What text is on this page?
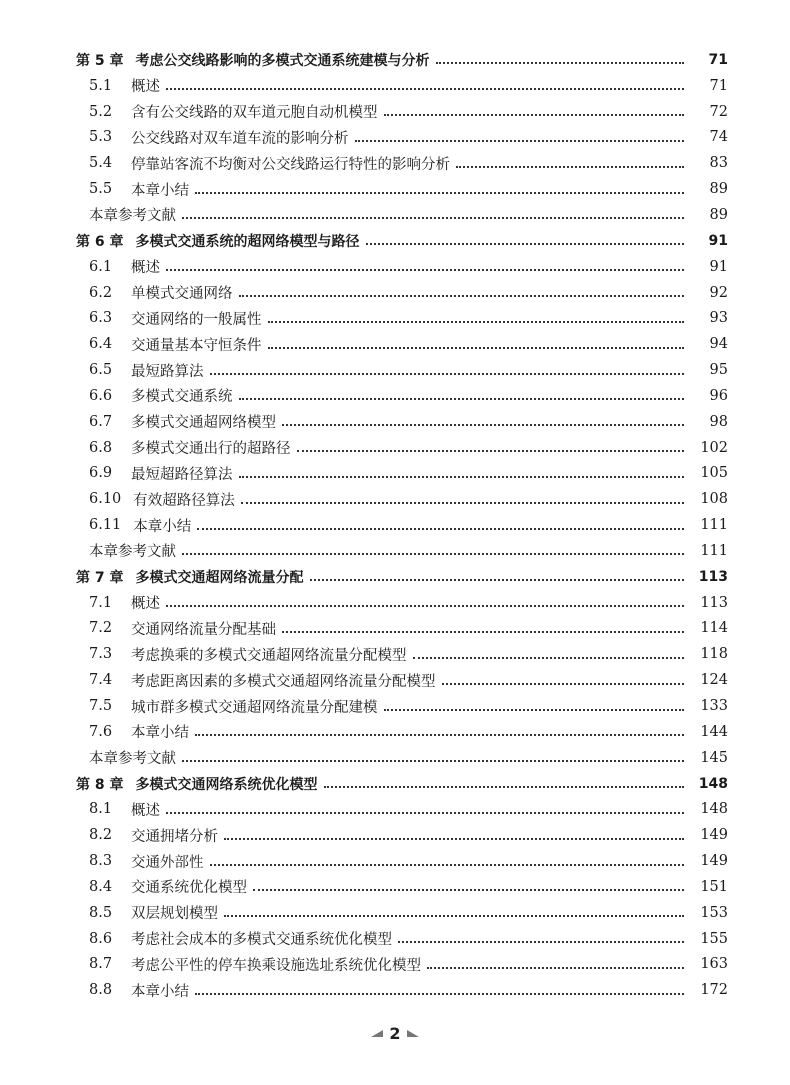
第 5 章 考虑公交线路影响的多模式交通系统建模与分析	71
5.1	概述	71
5.2	含有公交线路的双车道元胞自动机模型	72
5.3	公交线路对双车道车流的影响分析	74
5.4	停靠站客流不均衡对公交线路运行特性的影响分析	83
5.5	本章小结	89
本章参考文献	89
第 6 章 多模式交通系统的超网络模型与路径	91
6.1	概述	91
6.2	单模式交通网络	92
6.3	交通网络的一般属性	93
6.4	交通量基本守恒条件	94
6.5	最短路算法	95
6.6	多模式交通系统	96
6.7	多模式交通超网络模型	98
6.8	多模式交通出行的超路径	102
6.9	最短超路径算法	105
6.10 有效超路径算法	108
6.11 本章小结	111
本章参考文献	111
第 7 章 多模式交通超网络流量分配	113
7.1	概述	113
7.2	交通网络流量分配基础	114
7.3	考虑换乘的多模式交通超网络流量分配模型	118
7.4	考虑距离因素的多模式交通超网络流量分配模型	124
7.5	城市群多模式交通超网络流量分配建模	133
7.6	本章小结	144
本章参考文献	145
第 8 章 多模式交通网络系统优化模型	148
8.1	概述	148
8.2	交通拥堵分析	149
8.3	交通外部性	149
8.4	交通系统优化模型	151
8.5	双层规划模型	153
8.6	考虑社会成本的多模式交通系统优化模型	155
8.7	考虑公平性的停车换乘设施选址系统优化模型	163
8.8	本章小结	172
2
